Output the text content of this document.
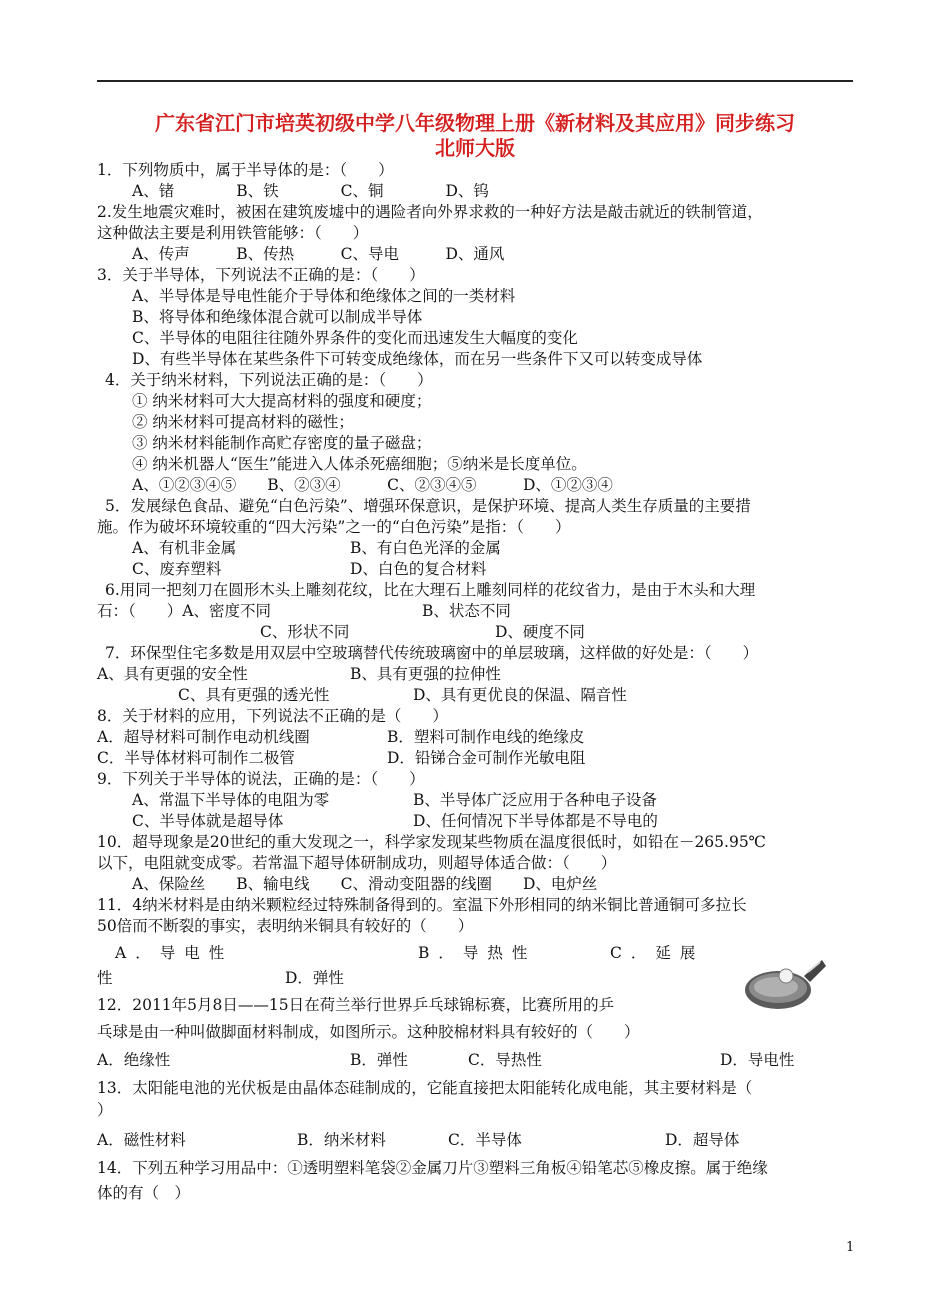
广东省江门市培英初级中学八年级物理上册《新材料及其应用》同步练习
北师大版
1．下列物质中，属于半导体的是：（　　）
A、锗　　　　B、铁　　　　C、铜　　　　D、钨
2.发生地震灾难时，被困在建筑废墟中的遇险者向外界求救的一种好方法是敲击就近的铁制管道，
这种做法主要是利用铁管能够：（　　）
A、传声　　　B、传热　　　C、导电　　　D、通风
3．关于半导体，下列说法不正确的是：（　　）
A、半导体是导电性能介于导体和绝缘体之间的一类材料
B、将导体和绝缘体混合就可以制成半导体
C、半导体的电阻往往随外界条件的变化而迅速发生大幅度的变化
D、有些半导体在某些条件下可转变成绝缘体，而在另一些条件下又可以转变成导体
4．关于纳米材料，下列说法正确的是：（　　）
① 纳米材料可大大提高材料的强度和硬度；
② 纳米材料可提高材料的磁性；
③ 纳米材料能制作高贮存密度的量子磁盘；
④ 纳米机器人“医生”能进入人体杀死癌细胞；⑤纳米是长度单位。
A、①②③④⑤　　B、②③④　　　C、②③④⑤　　　D、①②③④
5．发展绿色食品、避免“白色污染”、增强环保意识，是保护环境、提高人类生存质量的主要措
施。作为破坏环境较重的“四大污染”之一的“白色污染”是指：（　　）
A、有机非金属	B、有白色光泽的金属
C、废弃塑料	D、白色的复合材料
6.用同一把刻刀在圆形木头上雕刻花纹，比在大理石上雕刻同样的花纹省力，是由于木头和大理
石：（　　）A、密度不同	B、状态不同
C、形状不同	D、硬度不同
7．环保型住宅多数是用双层中空玻璃替代传统玻璃窗中的单层玻璃，这样做的好处是：（　　）
A、具有更强的安全性	B、具有更强的拉伸性
C、具有更强的透光性	D、具有更优良的保温、隔音性
8．关于材料的应用，下列说法不正确的是（　　）
A．超导材料可制作电动机线圈	B．塑料可制作电线的绝缘皮
C．半导体材料可制作二极管	D．铅锑合金可制作光敏电阻
9．下列关于半导体的说法，正确的是：（　　）
A、常温下半导体的电阻为零	B、半导体广泛应用于各种电子设备
C、半导体就是超导体	D、任何情况下半导体都是不导电的
10．超导现象是20世纪的重大发现之一，科学家发现某些物质在温度很低时，如铅在－265.95℃
以下，电阻就变成零。若常温下超导体研制成功，则超导体适合做：（　　）
A、保险丝　　B、输电线　　C、滑动变阻器的线圈　　D、电炉丝
11．4纳米材料是由纳米颗粒经过特殊制备得到的。室温下外形相同的纳米铜比普通铜可多拉长
50倍而不断裂的事实，表明纳米铜具有较好的（　　）
A．导电性	B．导热性	C．延展
性	D．弹性
12．2011年5月8日——15日在荷兰举行世界乒乓球锦标赛，比赛所用的乒
乓球是由一种叫做脚面材料制成，如图所示。这种胶棉材料具有较好的（　　）
A．绝缘性	B．弹性	C．导热性	D．导电性
13．太阳能电池的光伏板是由晶体态硅制成的，它能直接把太阳能转化成电能，其主要材料是（
）
A．磁性材料	B．纳米材料	C．半导体	D．超导体
14．下列五种学习用品中：①透明塑料笔袋②金属刀片③塑料三角板④铅笔芯⑤橡皮擦。属于绝缘
体的有（　）
1
